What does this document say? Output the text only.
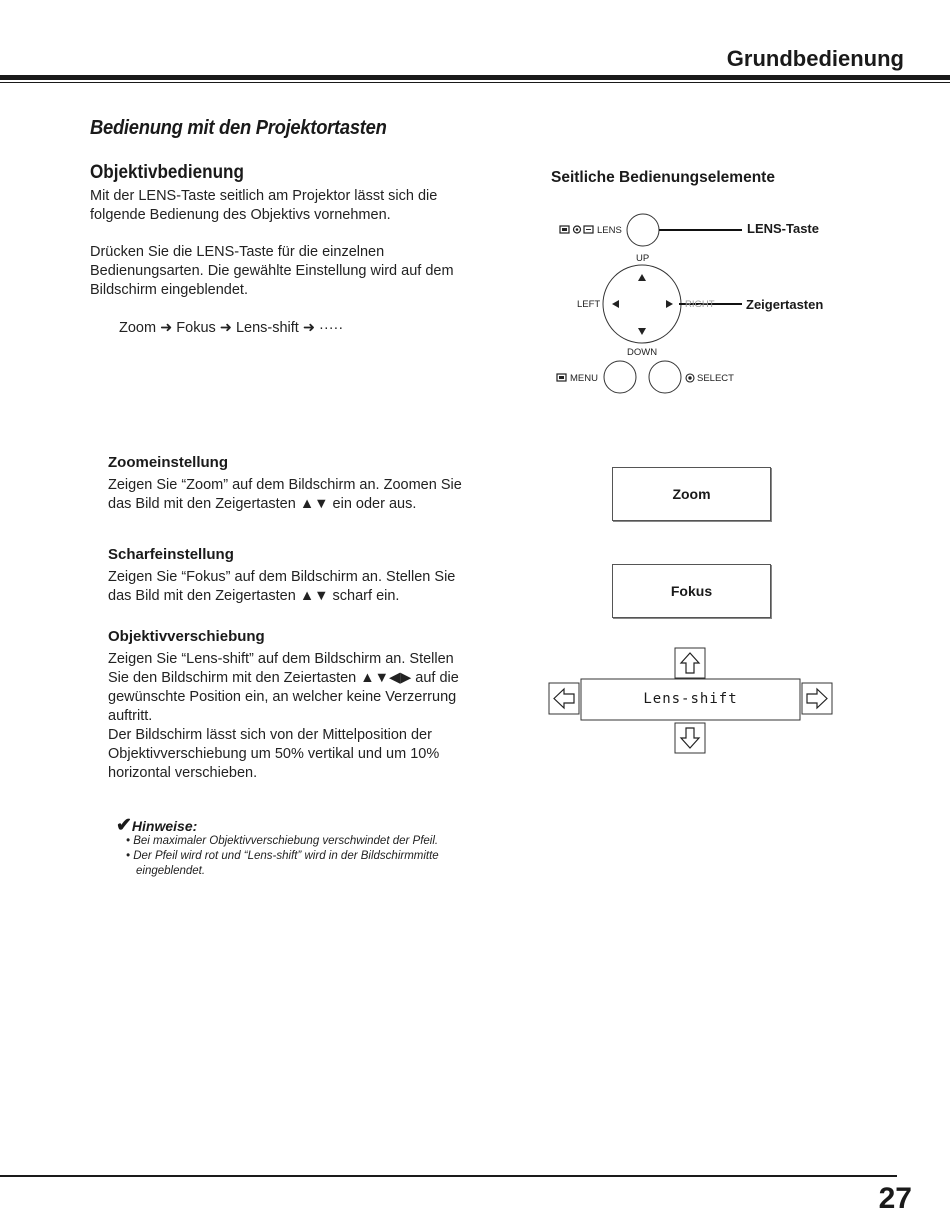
Grundbedienung
Bedienung mit den Projektortasten
Objektivbedienung
Mit der LENS-Taste seitlich am Projektor lässt sich die
folgende Bedienung des Objektivs vornehmen.
Drücken Sie die LENS-Taste für die einzelnen
Bedienungsarten. Die gewählte Einstellung wird auf dem
Bildschirm eingeblendet.
Zoom ➜ Fokus ➜ Lens-shift ➜ ·····
Seitliche Bedienungselemente
LENS
UP
DOWN
LEFT	RIGHT
MENU	SELECT
LENS-Taste
Zeigertasten
Zoomeinstellung
Zeigen Sie “Zoom” auf dem Bildschirm an. Zoomen Sie
das Bild mit den Zeigertasten ▲▼ ein oder aus.
Zoom
Scharfeinstellung
Zeigen Sie “Fokus” auf dem Bildschirm an. Stellen Sie
das Bild mit den Zeigertasten ▲▼ scharf ein.	Fokus
Objektivverschiebung
Zeigen Sie “Lens-shift” auf dem Bildschirm an. Stellen
Sie den Bildschirm mit den Zeiertasten ▲▼◀▶ auf die
gewünschte Position ein, an welcher keine Verzerrung
auftritt.
Der Bildschirm lässt sich von der Mittelposition der
Objektivverschiebung um 50% vertikal und um 10%
horizontal verschieben.
Lens-shift
✔Hinweise:
• Bei maximaler Objektivverschiebung verschwindet der Pfeil.
• Der Pfeil wird rot und “Lens-shift” wird in der Bildschirmmitte
eingeblendet.
27
